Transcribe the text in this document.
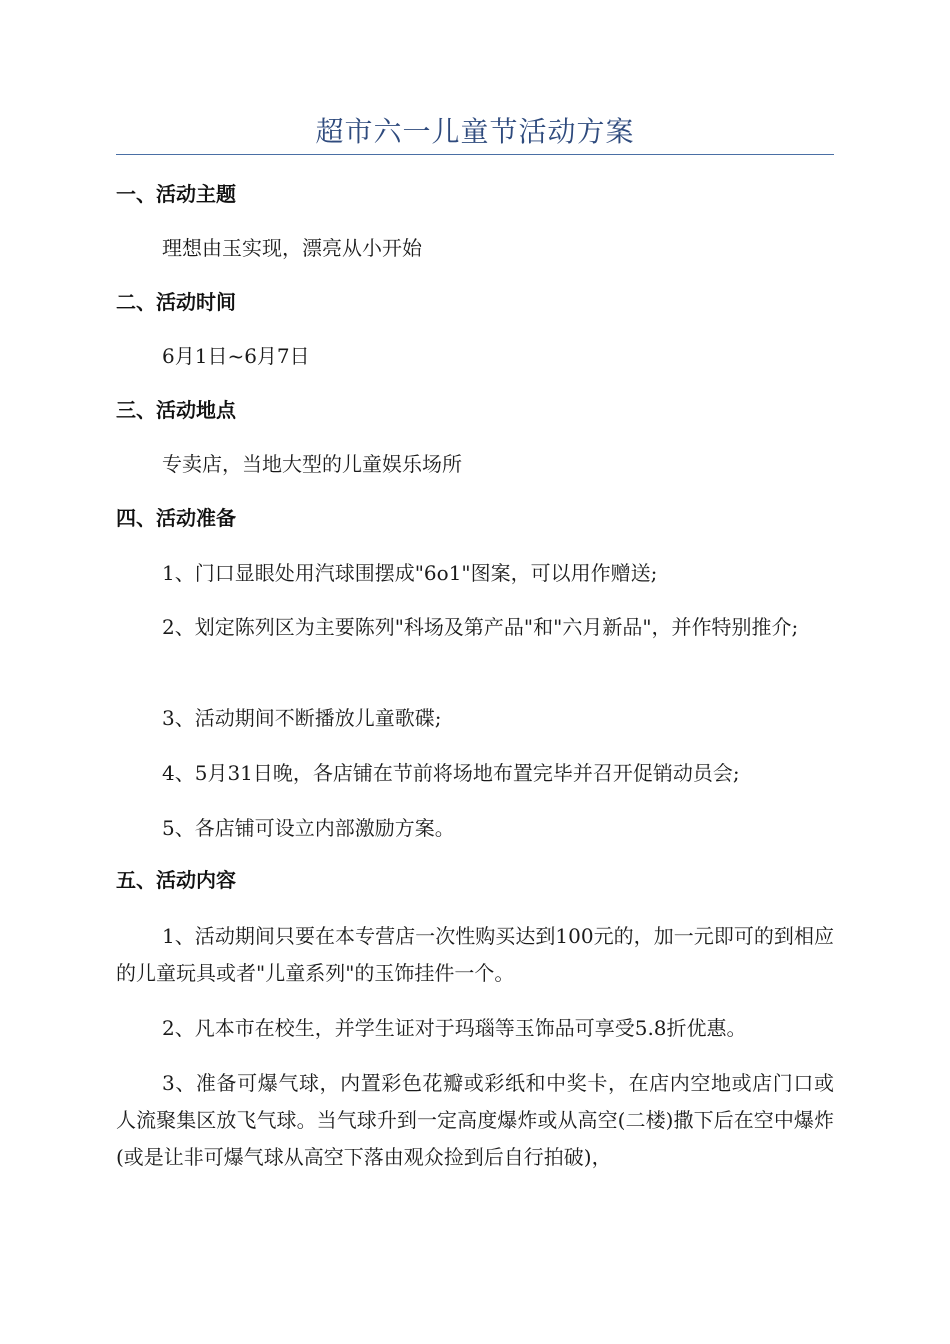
超市六一儿童节活动方案
一、活动主题

理想由玉实现，漂亮从小开始

二、活动时间

6月1日~6月7日

三、活动地点

专卖店，当地大型的儿童娱乐场所

四、活动准备

1、门口显眼处用汽球围摆成"6o1"图案，可以用作赠送;

2、划定陈列区为主要陈列"科场及第产品"和"六月新品"，并作特别推介;

3、活动期间不断播放儿童歌碟;

4、5月31日晚，各店铺在节前将场地布置完毕并召开促销动员会;

5、各店铺可设立内部激励方案。

五、活动内容

1、活动期间只要在本专营店一次性购买达到100元的，加一元即可的到相应的儿童玩具或者"儿童系列"的玉饰挂件一个。

2、凡本市在校生，并学生证对于玛瑙等玉饰品可享受5.8折优惠。

3、准备可爆气球，内置彩色花瓣或彩纸和中奖卡，在店内空地或店门口或人流聚集区放飞气球。当气球升到一定高度爆炸或从高空(二楼)撒下后在空中爆炸(或是让非可爆气球从高空下落由观众捡到后自行拍破)，
